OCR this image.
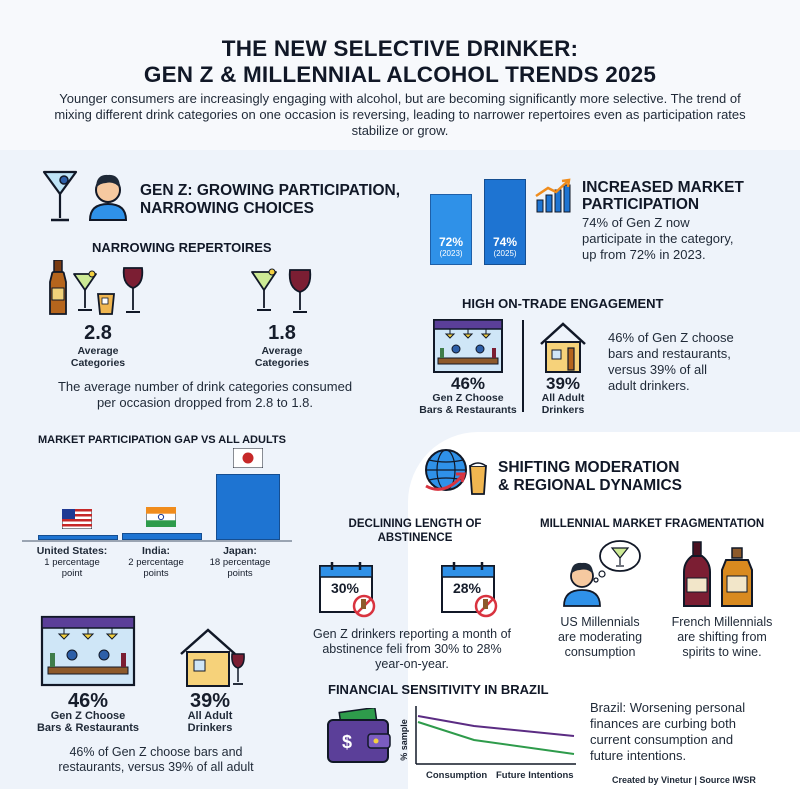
THE NEW SELECTIVE DRINKER:
GEN Z & MILLENNIAL ALCOHOL TRENDS 2025
Younger consumers are increasingly engaging with alcohol, but are becoming significantly more selective. The trend of mixing different drink categories on one occasion is reversing, leading to narrower repertoires even as participation rates stabilize or grow.
GEN Z: GROWING PARTICIPATION,
NARROWING CHOICES
NARROWING REPERTOIRES
2.8
Average
Categories
1.8
Average
Categories
The average number of drink categories consumed
per occasion dropped from 2.8 to 1.8.
72%
(2023)
74%
(2025)
INCREASED MARKET
PARTICIPATION
74% of Gen Z now
participate in the category,
up from 72% in 2023.
HIGH ON-TRADE ENGAGEMENT
46%
Gen Z Choose
Bars & Restaurants
39%
All Adult
Drinkers
46% of Gen Z choose
bars and restaurants,
versus 39% of all
adult drinkers.
MARKET PARTICIPATION GAP VS ALL ADULTS
United States:
1 percentage
point
India:
2 percentage
points
Japan:
18 percentage
points
46%
Gen Z Choose
Bars & Restaurants
39%
All Adult
Drinkers
46% of Gen Z choose bars and
restaurants, versus 39% of all adult
SHIFTING MODERATION
& REGIONAL DYNAMICS
DECLINING LENGTH OF
ABSTINENCE
30%	28%
Gen Z drinkers reporting a month of
abstinence feli from 30% to 28%
year-on-year.
MILLENNIAL MARKET FRAGMENTATION
US Millennials
are moderating
consumption
French Millennials
are shifting from
spirits to wine.
FINANCIAL SENSITIVITY IN BRAZIL
$	% sample
Consumption Future Intentions
Brazil: Worsening personal
finances are curbing both
current consumption and
future intentions.
Created by Vinetur | Source IWSR
